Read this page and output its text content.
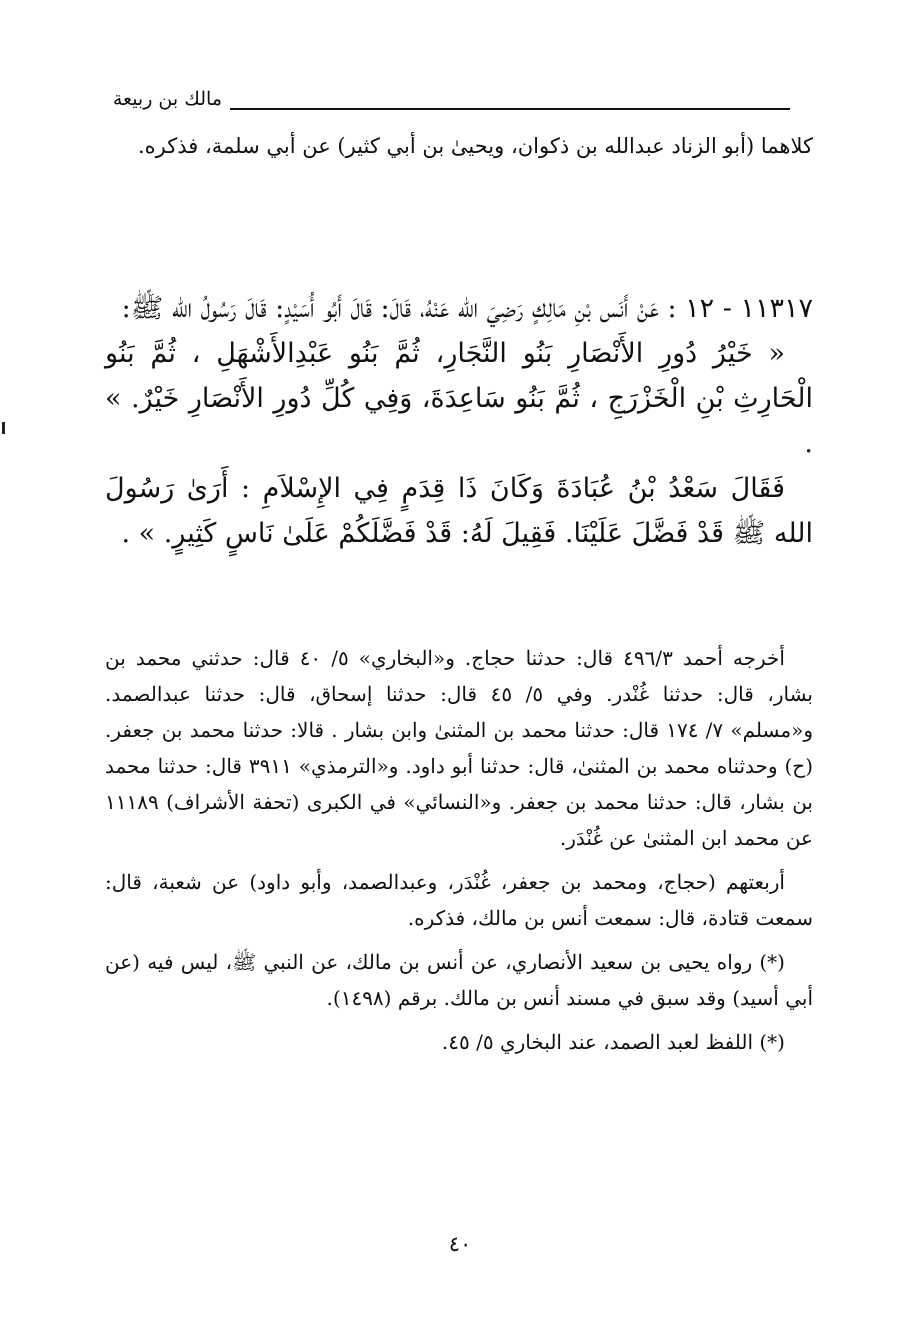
مالك بن ربيعة
كلاهما (أبو الزناد عبدالله بن ذكوان، ويحيىٰ بن أبي كثير) عن أبي سلمة، فذكره.

١١٣١٧ - ١٢ : عَنْ أَنَس بْنِ مَالِكٍ رَضِيَ الله عَنْهُ، قَالَ: قَالَ أَبُو أُسَيْدٍ: قَالَ رَسُولُ الله ﷺ:

« خَيْرُ دُورِ الأَنْصَارِ بَنُو النَّجَارِ، ثُمَّ بَنُو عَبْدِالأَشْهَلِ ، ثُمَّ بَنُو الْحَارِثِ بْنِ الْخَزْرَجِ ، ثُمَّ بَنُو سَاعِدَةَ، وَفِي كُلِّ دُورِ الأَنْصَارِ خَيْرٌ. » .

فَقَالَ سَعْدُ بْنُ عُبَادَةَ وَكَانَ ذَا قِدَمٍ فِي الإِسْلاَمِ : أَرَىٰ رَسُولَ الله ﷺ قَدْ فَضَّلَ عَلَيْنَا. فَقِيلَ لَهُ: قَدْ فَضَّلَكُمْ عَلَىٰ نَاسٍ كَثِيرٍ. » .

أخرجه أحمد ٤٩٦/٣ قال: حدثنا حجاج. و«البخاري» ٥/ ٤٠ قال: حدثني محمد بن بشار، قال: حدثنا غُنْدر. وفي ٥/ ٤٥ قال: حدثنا إسحاق، قال: حدثنا عبدالصمد. و«مسلم» ٧/ ١٧٤ قال: حدثنا محمد بن المثنىٰ وابن بشار . قالا: حدثنا محمد بن جعفر. (ح) وحدثناه محمد بن المثنىٰ، قال: حدثنا أبو داود. و«الترمذي» ٣٩١١ قال: حدثنا محمد بن بشار، قال: حدثنا محمد بن جعفر. و«النسائي» في الكبرى (تحفة الأشراف) ١١١٨٩ عن محمد ابن المثنىٰ عن غُنْدَر.

أربعتهم (حجاج، ومحمد بن جعفر، غُنْدَر، وعبدالصمد، وأبو داود) عن شعبة، قال: سمعت قتادة، قال: سمعت أنس بن مالك، فذكره.

(*) رواه يحيى بن سعيد الأنصاري، عن أنس بن مالك، عن النبي ﷺ، ليس فيه (عن أبي أسيد) وقد سبق في مسند أنس بن مالك. برقم (١٤٩٨).

(*) اللفظ لعبد الصمد، عند البخاري ٥/ ٤٥.

٤٠
